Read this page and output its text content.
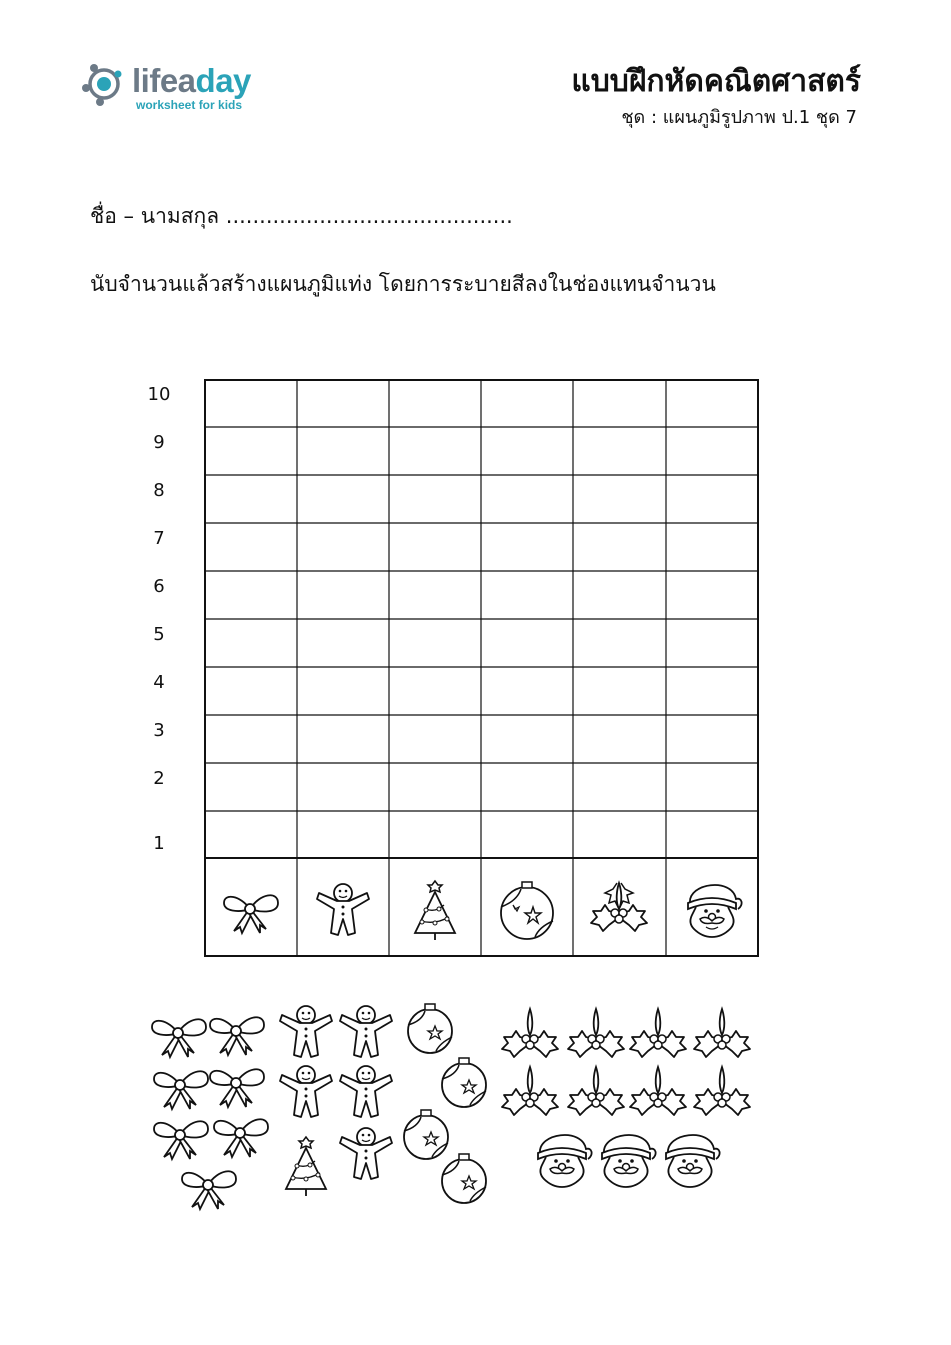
lifeaday
worksheet for kids
แบบฝึกหัดคณิตศาสตร์
ชุด : แผนภูมิรูปภาพ ป.1 ชุด 7
ชื่อ – นามสกุล ...........................................
นับจำนวนแล้วสร้างแผนภูมิแท่ง โดยการระบายสีลงในช่องแทนจำนวน
10
9
8
7
6
5
4
3
2
1
